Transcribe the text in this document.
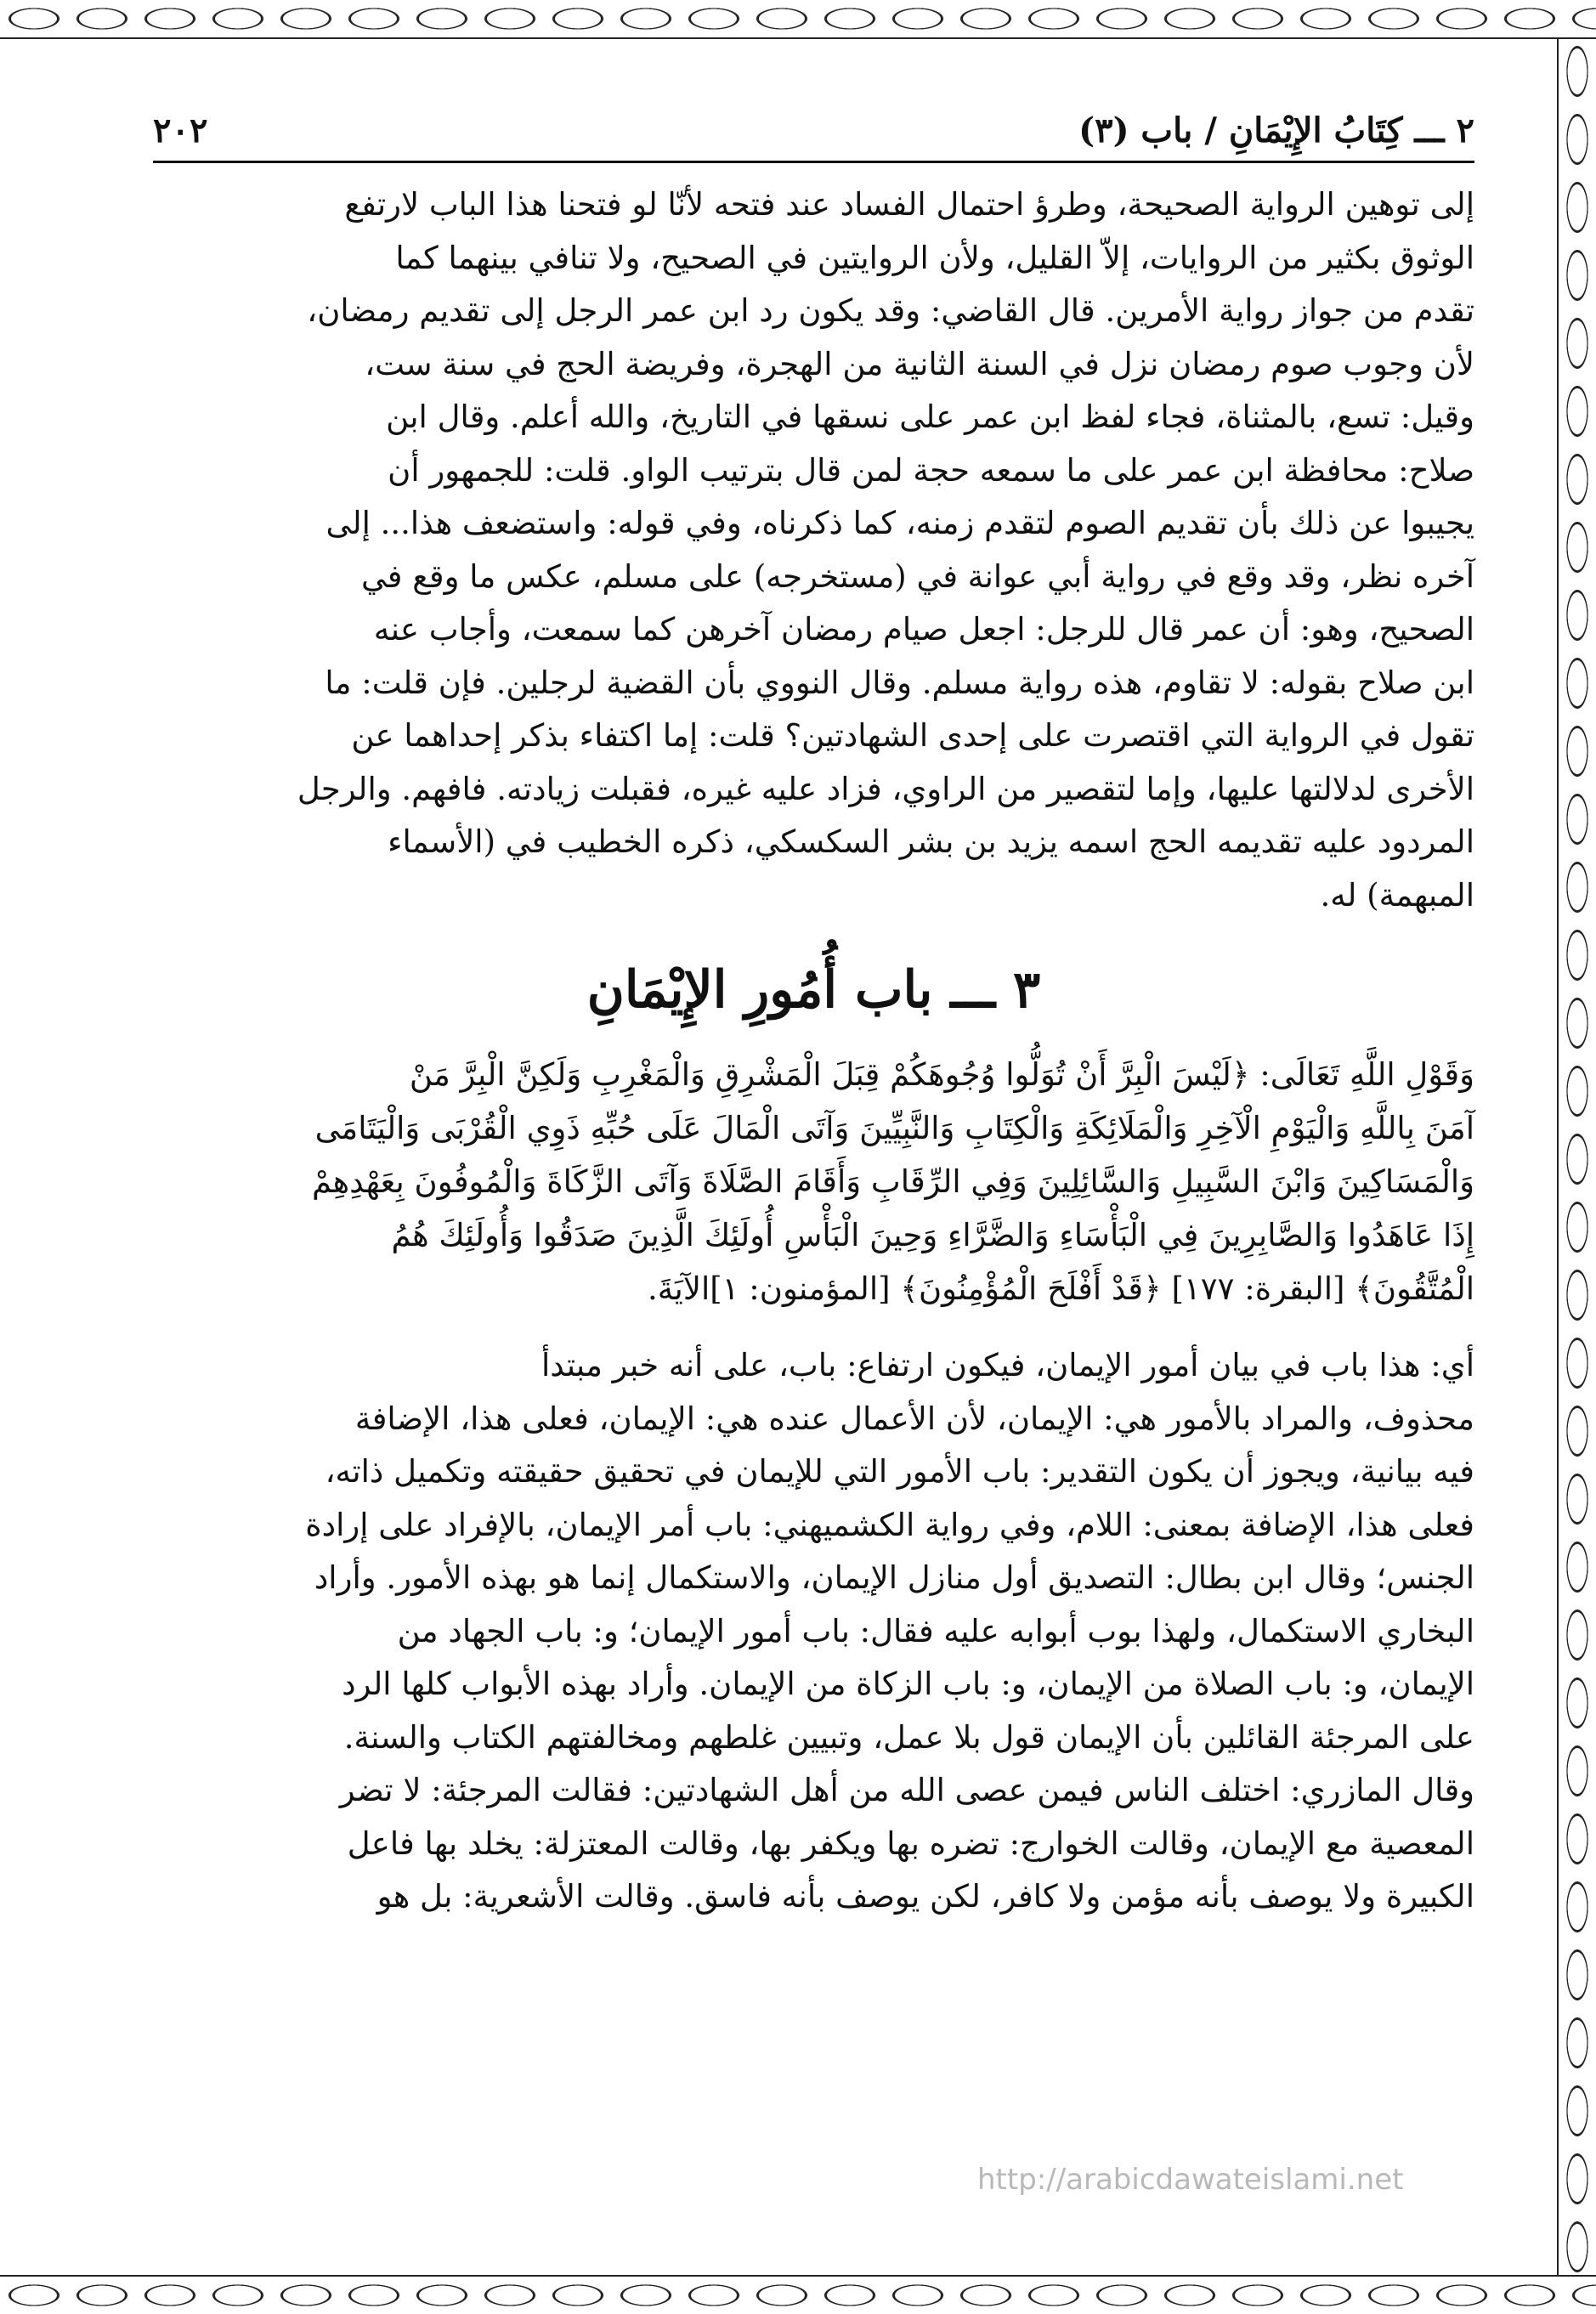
٢ ـــ كِتَابُ الإِيْمَانِ / باب (٣)
٢٠٢

إلى توهين الرواية الصحيحة، وطرؤ احتمال الفساد عند فتحه لأنّا لو فتحنا هذا الباب لارتفع

الوثوق بكثير من الروايات، إلاّ القليل، ولأن الروايتين في الصحيح، ولا تنافي بينهما كما

تقدم من جواز رواية الأمرين. قال القاضي: وقد يكون رد ابن عمر الرجل إلى تقديم رمضان،

لأن وجوب صوم رمضان نزل في السنة الثانية من الهجرة، وفريضة الحج في سنة ست،

وقيل: تسع، بالمثناة، فجاء لفظ ابن عمر على نسقها في التاريخ، والله أعلم. وقال ابن

صلاح: محافظة ابن عمر على ما سمعه حجة لمن قال بترتيب الواو. قلت: للجمهور أن

يجيبوا عن ذلك بأن تقديم الصوم لتقدم زمنه، كما ذكرناه، وفي قوله: واستضعف هذا... إلى

آخره نظر، وقد وقع في رواية أبي عوانة في (مستخرجه) على مسلم، عكس ما وقع في

الصحيح، وهو: أن عمر قال للرجل: اجعل صيام رمضان آخرهن كما سمعت، وأجاب عنه

ابن صلاح بقوله: لا تقاوم، هذه رواية مسلم. وقال النووي بأن القضية لرجلين. فإن قلت: ما

تقول في الرواية التي اقتصرت على إحدى الشهادتين؟ قلت: إما اكتفاء بذكر إحداهما عن

الأخرى لدلالتها عليها، وإما لتقصير من الراوي، فزاد عليه غيره، فقبلت زيادته. فافهم. والرجل

المردود عليه تقديمه الحج اسمه يزيد بن بشر السكسكي، ذكره الخطيب في (الأسماء

المبهمة) له.

٣ ـــ باب أُمُورِ الإِيْمَانِ

وَقَوْلِ اللَّهِ تَعَالَى: ﴿لَيْسَ الْبِرَّ أَنْ تُوَلُّوا وُجُوهَكُمْ قِبَلَ الْمَشْرِقِ وَالْمَغْرِبِ وَلَكِنَّ الْبِرَّ مَنْ

آمَنَ بِاللَّهِ وَالْيَوْمِ الْآخِرِ وَالْمَلَائِكَةِ وَالْكِتَابِ وَالنَّبِيِّينَ وَآتَى الْمَالَ عَلَى حُبِّهِ ذَوِي الْقُرْبَى وَالْيَتَامَى

وَالْمَسَاكِينَ وَابْنَ السَّبِيلِ وَالسَّائِلِينَ وَفِي الرِّقَابِ وَأَقَامَ الصَّلَاةَ وَآتَى الزَّكَاةَ وَالْمُوفُونَ بِعَهْدِهِمْ

إِذَا عَاهَدُوا وَالصَّابِرِينَ فِي الْبَأْسَاءِ وَالضَّرَّاءِ وَحِينَ الْبَأْسِ أُولَئِكَ الَّذِينَ صَدَقُوا وَأُولَئِكَ هُمُ

الْمُتَّقُونَ﴾ [البقرة: ١٧٧] ﴿قَدْ أَفْلَحَ الْمُؤْمِنُونَ﴾ [المؤمنون: ١]الآيَةَ.

أي: هذا باب في بيان أمور الإيمان، فيكون ارتفاع: باب، على أنه خبر مبتدأ

محذوف، والمراد بالأمور هي: الإيمان، لأن الأعمال عنده هي: الإيمان، فعلى هذا، الإضافة

فيه بيانية، ويجوز أن يكون التقدير: باب الأمور التي للإيمان في تحقيق حقيقته وتكميل ذاته،

فعلى هذا، الإضافة بمعنى: اللام، وفي رواية الكشميهني: باب أمر الإيمان، بالإفراد على إرادة

الجنس؛ وقال ابن بطال: التصديق أول منازل الإيمان، والاستكمال إنما هو بهذه الأمور. وأراد

البخاري الاستكمال، ولهذا بوب أبوابه عليه فقال: باب أمور الإيمان؛ و: باب الجهاد من

الإيمان، و: باب الصلاة من الإيمان، و: باب الزكاة من الإيمان. وأراد بهذه الأبواب كلها الرد

على المرجئة القائلين بأن الإيمان قول بلا عمل، وتبيين غلطهم ومخالفتهم الكتاب والسنة.

وقال المازري: اختلف الناس فيمن عصى الله من أهل الشهادتين: فقالت المرجئة: لا تضر

المعصية مع الإيمان، وقالت الخوارج: تضره بها ويكفر بها، وقالت المعتزلة: يخلد بها فاعل

الكبيرة ولا يوصف بأنه مؤمن ولا كافر، لكن يوصف بأنه فاسق. وقالت الأشعرية: بل هو

http://arabicdawateislami.net
